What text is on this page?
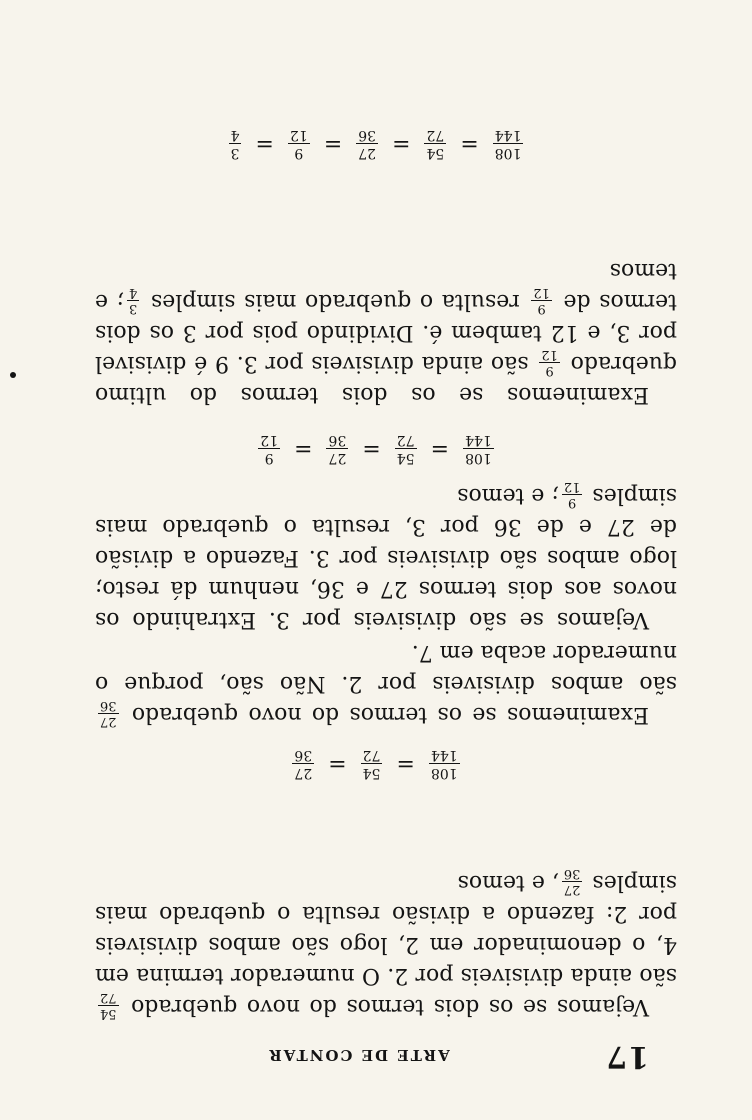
17
ARTE DE CONTAR
Vejamos se os dois termos do novo quebrado
54
72
são ainda divisiveis por 2. O numerador termina em 4, o denominador em 2, logo são ambos divisiveis por 2: fazendo a divisão resulta o quebrado mais simples
27
36
, e temos
108
144
=
54
72
=
27
36
Examinemos se os termos do novo quebrado
27
36
são ambos divisiveis por 2. Não são, porque o numerador acaba em 7.
Vejamos se são divisiveis por 3. Extrahindo os novos aos dois termos 27 e 36, nenhum dá resto; logo ambos são divisiveis por 3. Fazendo a divisão de 27 e de 36 por 3, resulta o quebrado mais simples
9
12
; e temos
108
144
=
54
72
=
27
36
=
9
12
Examinemos se os dois termos do ultimo quebrado
9
12
são ainda divisiveis por 3. 9 é divisivel por 3, e 12 tambem é. Dividindo pois por 3 os dois termos de
9
12
resulta o quebrado mais simples
3
4
; e temos
108
144
=
54
72
=
27
36
=
9
12
=
3
4
